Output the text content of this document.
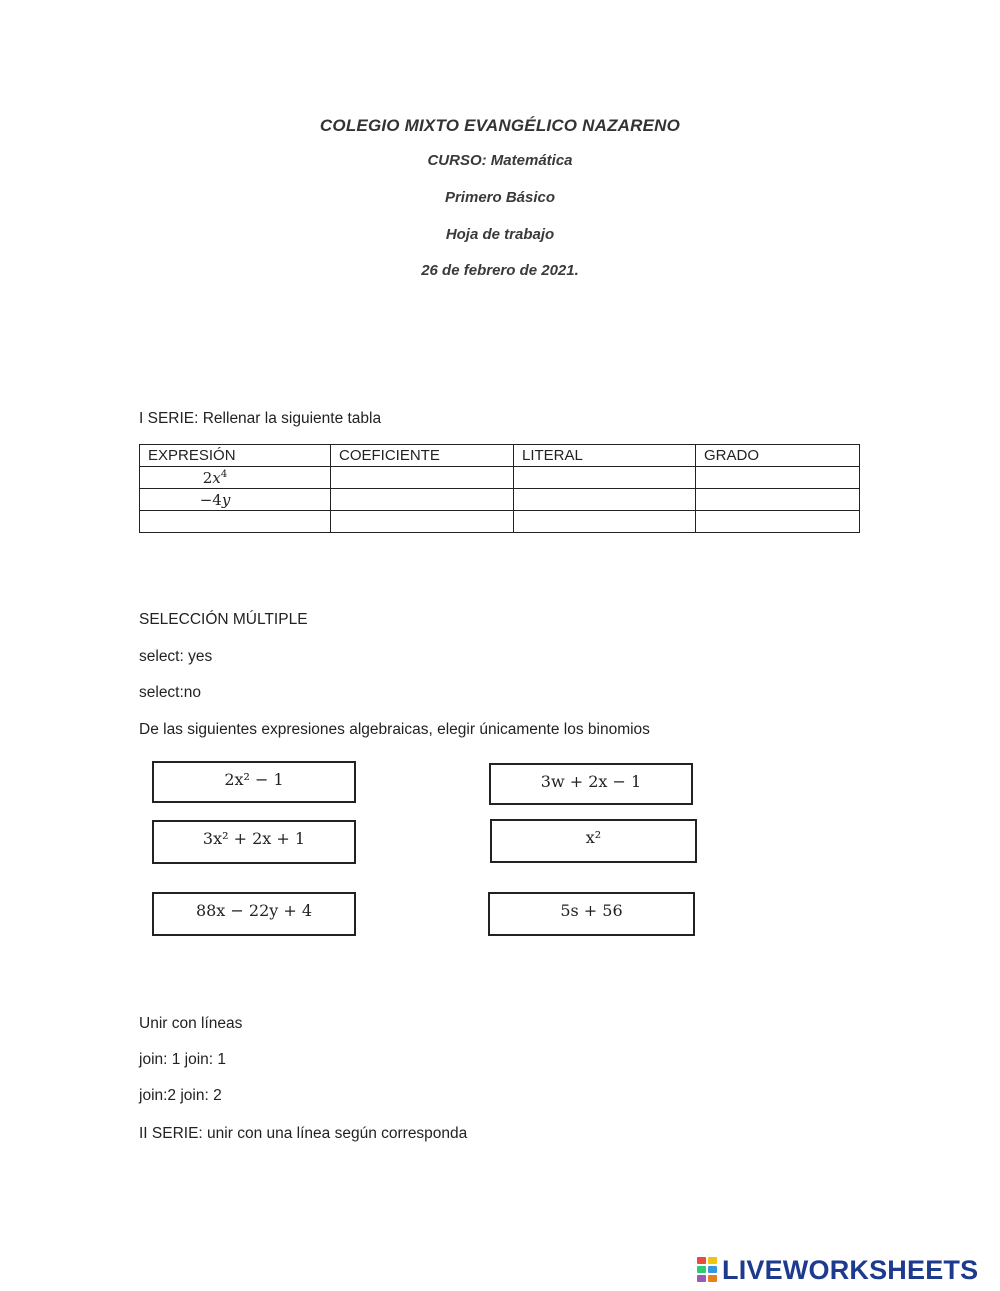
COLEGIO MIXTO EVANGÉLICO NAZARENO
CURSO: Matemática
Primero Básico
Hoja de trabajo
26 de febrero de 2021.
I SERIE: Rellenar la siguiente tabla
EXPRESIÓN	COEFICIENTE	LITERAL	GRADO
$2x^4$			
−4y			

SELECCIÓN MÚLTIPLE
select: yes
select:no
De las siguientes expresiones algebraicas, elegir únicamente los binomios
2x² − 1	3w + 2x − 1
3x² + 2x + 1	x²
88x − 22y + 4	5s + 56
Unir con líneas
join: 1 join: 1
join:2 join: 2
II SERIE: unir con una línea según corresponda
LIVEWORKSHEETS
